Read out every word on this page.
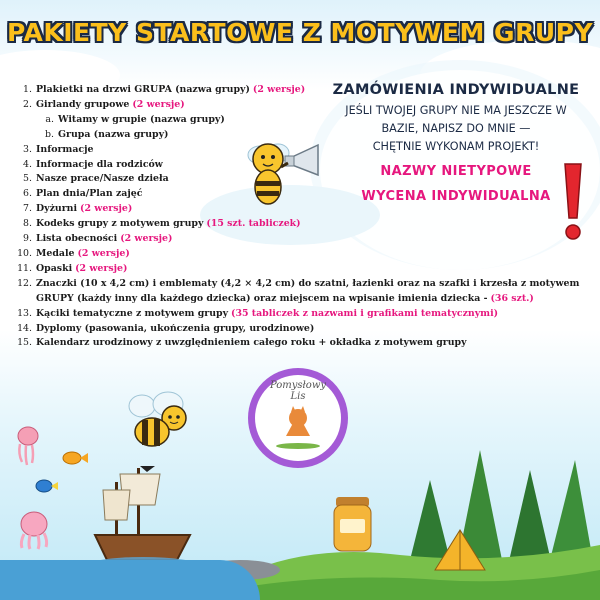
PAKIETY STARTOWE Z MOTYWEM GRUPY
1. Plakietki na drzwi GRUPA (nazwa grupy) (2 wersje)
2. Girlandy grupowe (2 wersje)
a. Witamy w grupie (nazwa grupy)
b. Grupa (nazwa grupy)
3. Informacje
4. Informacje dla rodziców
5. Nasze prace/Nasze dzieła
6. Plan dnia/Plan zajęć
7. Dyżurni (2 wersje)
8. Kodeks grupy z motywem grupy (15 szt. tabliczek)
9. Lista obecności (2 wersje)
10. Medale (2 wersje)
11. Opaski (2 wersje)
12. Znaczki (10 x 4,2 cm) i emblematy (4,2 × 4,2 cm) do szatni, łazienki oraz na szafki i krzesła z motywem
GRUPY (każdy inny dla każdego dziecka) oraz miejscem na wpisanie imienia dziecka - (36 szt.)
13. Kąciki tematyczne z motywem grupy (35 tabliczek z nazwami i grafikami tematycznymi)
14. Dyplomy (pasowania, ukończenia grupy, urodzinowe)
15. Kalendarz urodzinowy z uwzględnieniem całego roku + okładka z motywem grupy
ZAMÓWIENIA INDYWIDUALNE
JEŚLI TWOJEJ GRUPY NIE MA JESZCZE W
BAZIE, NAPISZ DO MNIE —
CHĘTNIE WYKONAM PROJEKT!
NAZWY NIETYPOWE
WYCENA INDYWIDUALNA
Pomysłowy
Lis
